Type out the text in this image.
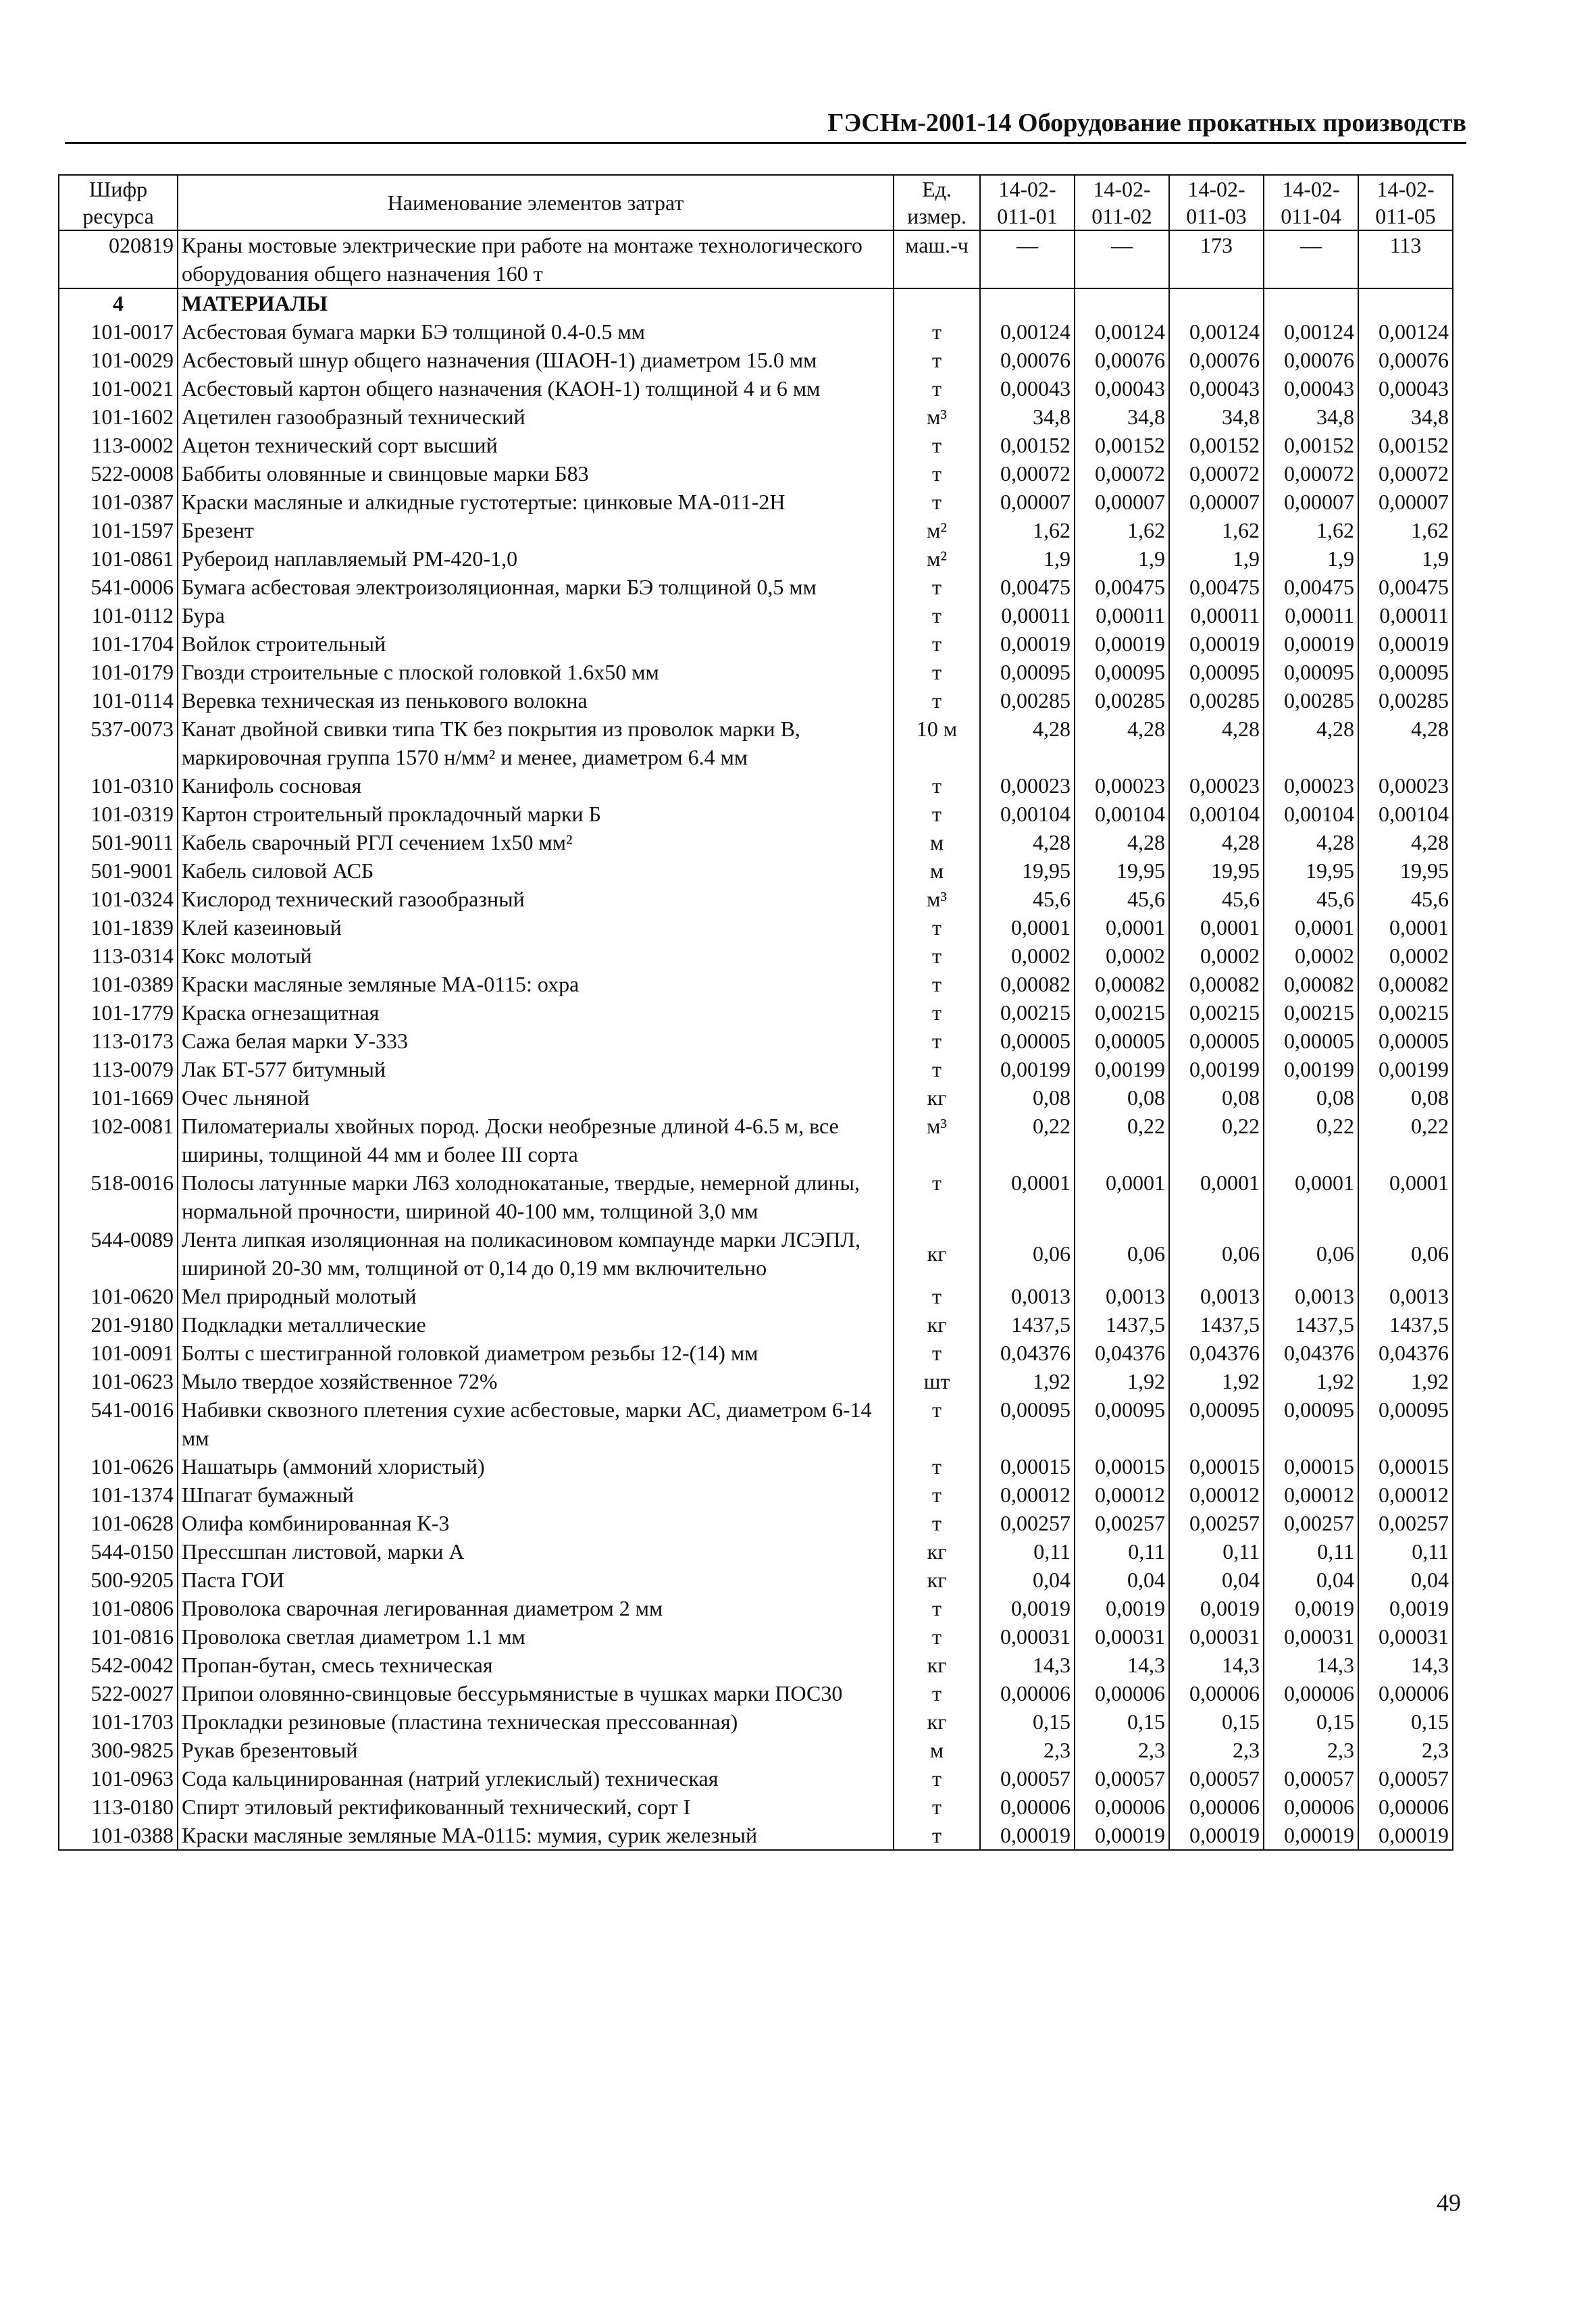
ГЭСНм-2001-14 Оборудование прокатных производств
Шифр ресурса	Наименование элементов затрат	Ед. измер.	14-02-011-01	14-02-011-02	14-02-011-03	14-02-011-04	14-02-011-05
020819	Краны мостовые электрические при работе на монтаже технологического оборудования общего назначения 160 т	маш.-ч	—	—	173	—	113
4	МАТЕРИАЛЫ						
101-0017	Асбестовая бумага марки БЭ толщиной 0.4-0.5 мм	т	0,00124	0,00124	0,00124	0,00124	0,00124
101-0029	Асбестовый шнур общего назначения (ШАОН-1) диаметром 15.0 мм	т	0,00076	0,00076	0,00076	0,00076	0,00076
101-0021	Асбестовый картон общего назначения (КАОН-1) толщиной 4 и 6 мм	т	0,00043	0,00043	0,00043	0,00043	0,00043
101-1602	Ацетилен газообразный технический	м³	34,8	34,8	34,8	34,8	34,8
113-0002	Ацетон технический сорт высший	т	0,00152	0,00152	0,00152	0,00152	0,00152
522-0008	Баббиты оловянные и свинцовые марки Б83	т	0,00072	0,00072	0,00072	0,00072	0,00072
101-0387	Краски масляные и алкидные густотертые: цинковые МА-011-2Н	т	0,00007	0,00007	0,00007	0,00007	0,00007
101-1597	Брезент	м²	1,62	1,62	1,62	1,62	1,62
101-0861	Рубероид наплавляемый РМ-420-1,0	м²	1,9	1,9	1,9	1,9	1,9
541-0006	Бумага асбестовая электроизоляционная, марки БЭ толщиной 0,5 мм	т	0,00475	0,00475	0,00475	0,00475	0,00475
101-0112	Бура	т	0,00011	0,00011	0,00011	0,00011	0,00011
101-1704	Войлок строительный	т	0,00019	0,00019	0,00019	0,00019	0,00019
101-0179	Гвозди строительные с плоской головкой 1.6х50 мм	т	0,00095	0,00095	0,00095	0,00095	0,00095
101-0114	Веревка техническая из пенькового волокна	т	0,00285	0,00285	0,00285	0,00285	0,00285
537-0073	Канат двойной свивки типа ТК без покрытия из проволок марки В, маркировочная группа 1570 н/мм² и менее, диаметром 6.4 мм	10 м	4,28	4,28	4,28	4,28	4,28
101-0310	Канифоль сосновая	т	0,00023	0,00023	0,00023	0,00023	0,00023
101-0319	Картон строительный прокладочный марки Б	т	0,00104	0,00104	0,00104	0,00104	0,00104
501-9011	Кабель сварочный РГЛ сечением 1х50 мм²	м	4,28	4,28	4,28	4,28	4,28
501-9001	Кабель силовой АСБ	м	19,95	19,95	19,95	19,95	19,95
101-0324	Кислород технический газообразный	м³	45,6	45,6	45,6	45,6	45,6
101-1839	Клей казеиновый	т	0,0001	0,0001	0,0001	0,0001	0,0001
113-0314	Кокс молотый	т	0,0002	0,0002	0,0002	0,0002	0,0002
101-0389	Краски масляные земляные МА-0115: охра	т	0,00082	0,00082	0,00082	0,00082	0,00082
101-1779	Краска огнезащитная	т	0,00215	0,00215	0,00215	0,00215	0,00215
113-0173	Сажа белая марки У-333	т	0,00005	0,00005	0,00005	0,00005	0,00005
113-0079	Лак БТ-577 битумный	т	0,00199	0,00199	0,00199	0,00199	0,00199
101-1669	Очес льняной	кг	0,08	0,08	0,08	0,08	0,08
102-0081	Пиломатериалы хвойных пород. Доски необрезные длиной 4-6.5 м, все ширины, толщиной 44 мм и более III сорта	м³	0,22	0,22	0,22	0,22	0,22
518-0016	Полосы латунные марки Л63 холоднокатаные, твердые, немерной длины, нормальной прочности, шириной 40-100 мм, толщиной 3,0 мм	т	0,0001	0,0001	0,0001	0,0001	0,0001
544-0089	Лента липкая изоляционная на поликасиновом компаунде марки ЛСЭПЛ, шириной 20-30 мм, толщиной от 0,14 до 0,19 мм включительно	кг	0,06	0,06	0,06	0,06	0,06
101-0620	Мел природный молотый	т	0,0013	0,0013	0,0013	0,0013	0,0013
201-9180	Подкладки металлические	кг	1437,5	1437,5	1437,5	1437,5	1437,5
101-0091	Болты с шестигранной головкой диаметром резьбы 12-(14) мм	т	0,04376	0,04376	0,04376	0,04376	0,04376
101-0623	Мыло твердое хозяйственное 72%	шт	1,92	1,92	1,92	1,92	1,92
541-0016	Набивки сквозного плетения сухие асбестовые, марки АС, диаметром 6-14 мм	т	0,00095	0,00095	0,00095	0,00095	0,00095
101-0626	Нашатырь (аммоний хлористый)	т	0,00015	0,00015	0,00015	0,00015	0,00015
101-1374	Шпагат бумажный	т	0,00012	0,00012	0,00012	0,00012	0,00012
101-0628	Олифа комбинированная К-3	т	0,00257	0,00257	0,00257	0,00257	0,00257
544-0150	Прессшпан листовой, марки А	кг	0,11	0,11	0,11	0,11	0,11
500-9205	Паста ГОИ	кг	0,04	0,04	0,04	0,04	0,04
101-0806	Проволока сварочная легированная диаметром 2 мм	т	0,0019	0,0019	0,0019	0,0019	0,0019
101-0816	Проволока светлая диаметром 1.1 мм	т	0,00031	0,00031	0,00031	0,00031	0,00031
542-0042	Пропан-бутан, смесь техническая	кг	14,3	14,3	14,3	14,3	14,3
522-0027	Припои оловянно-свинцовые бессурьмянистые в чушках марки ПОС30	т	0,00006	0,00006	0,00006	0,00006	0,00006
101-1703	Прокладки резиновые (пластина техническая прессованная)	кг	0,15	0,15	0,15	0,15	0,15
300-9825	Рукав брезентовый	м	2,3	2,3	2,3	2,3	2,3
101-0963	Сода кальцинированная (натрий углекислый) техническая	т	0,00057	0,00057	0,00057	0,00057	0,00057
113-0180	Спирт этиловый ректификованный технический, сорт I	т	0,00006	0,00006	0,00006	0,00006	0,00006
101-0388	Краски масляные земляные МА-0115: мумия, сурик железный	т	0,00019	0,00019	0,00019	0,00019	0,00019
49
